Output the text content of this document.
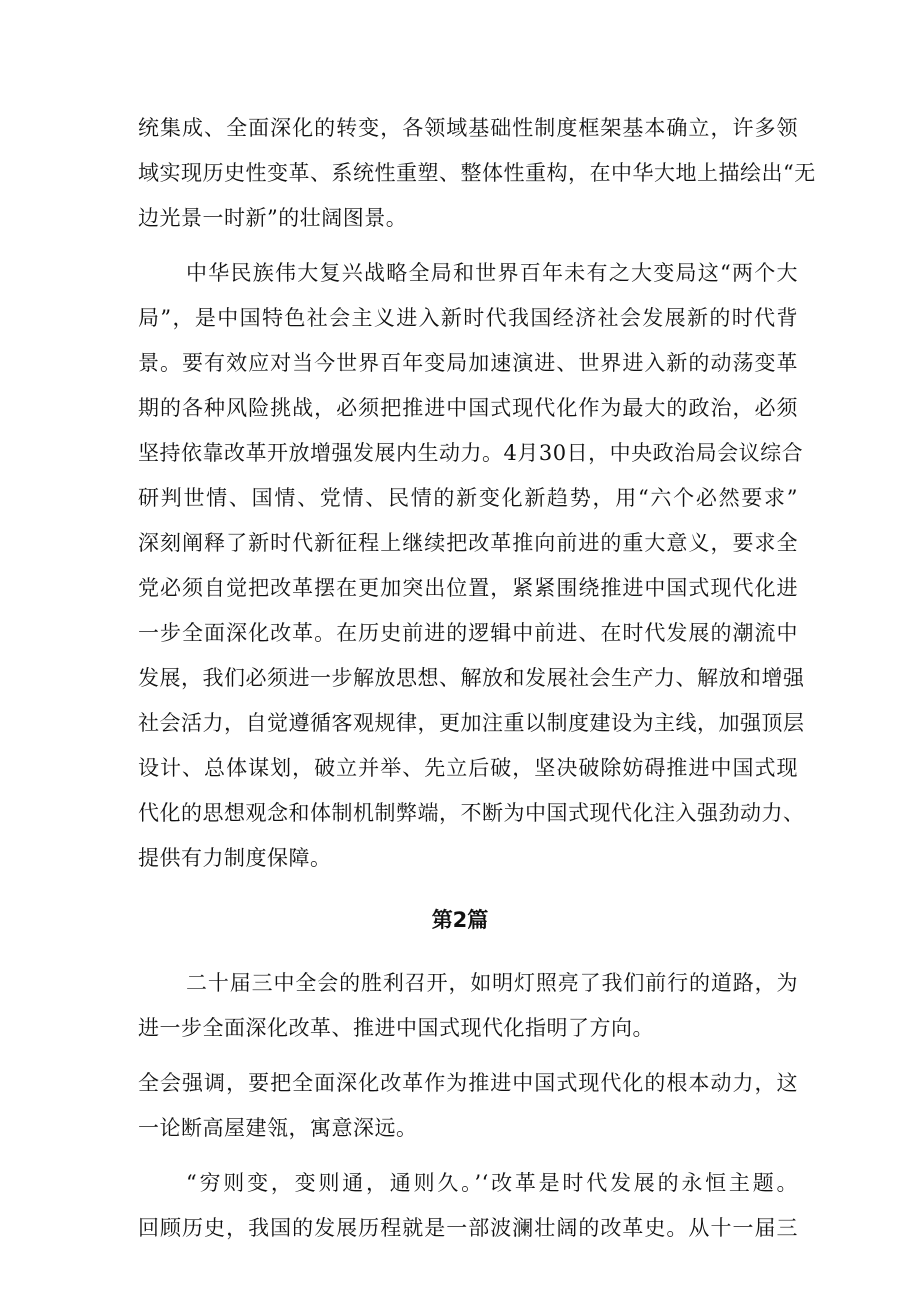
统集成、全面深化的转变，各领域基础性制度框架基本确立，许多领
域实现历史性变革、系统性重塑、整体性重构，在中华大地上描绘出“无
边光景一时新”的壮阔图景。
中华民族伟大复兴战略全局和世界百年未有之大变局这“两个大
局”，是中国特色社会主义进入新时代我国经济社会发展新的时代背
景。要有效应对当今世界百年变局加速演进、世界进入新的动荡变革
期的各种风险挑战，必须把推进中国式现代化作为最大的政治，必须
坚持依靠改革开放增强发展内生动力。4月30日，中央政治局会议综合
研判世情、国情、党情、民情的新变化新趋势，用“六个必然要求”
深刻阐释了新时代新征程上继续把改革推向前进的重大意义，要求全
党必须自觉把改革摆在更加突出位置，紧紧围绕推进中国式现代化进
一步全面深化改革。在历史前进的逻辑中前进、在时代发展的潮流中
发展，我们必须进一步解放思想、解放和发展社会生产力、解放和增强
社会活力，自觉遵循客观规律，更加注重以制度建设为主线，加强顶层
设计、总体谋划，破立并举、先立后破，坚决破除妨碍推进中国式现
代化的思想观念和体制机制弊端，不断为中国式现代化注入强劲动力、
提供有力制度保障。
第2篇
二十届三中全会的胜利召开，如明灯照亮了我们前行的道路，为
进一步全面深化改革、推进中国式现代化指明了方向。
全会强调，要把全面深化改革作为推进中国式现代化的根本动力，这
一论断高屋建瓴，寓意深远。
“穷则变，变则通，通则久。’‘改革是时代发展的永恒主题。
回顾历史，我国的发展历程就是一部波澜壮阔的改革史。从十一届三
